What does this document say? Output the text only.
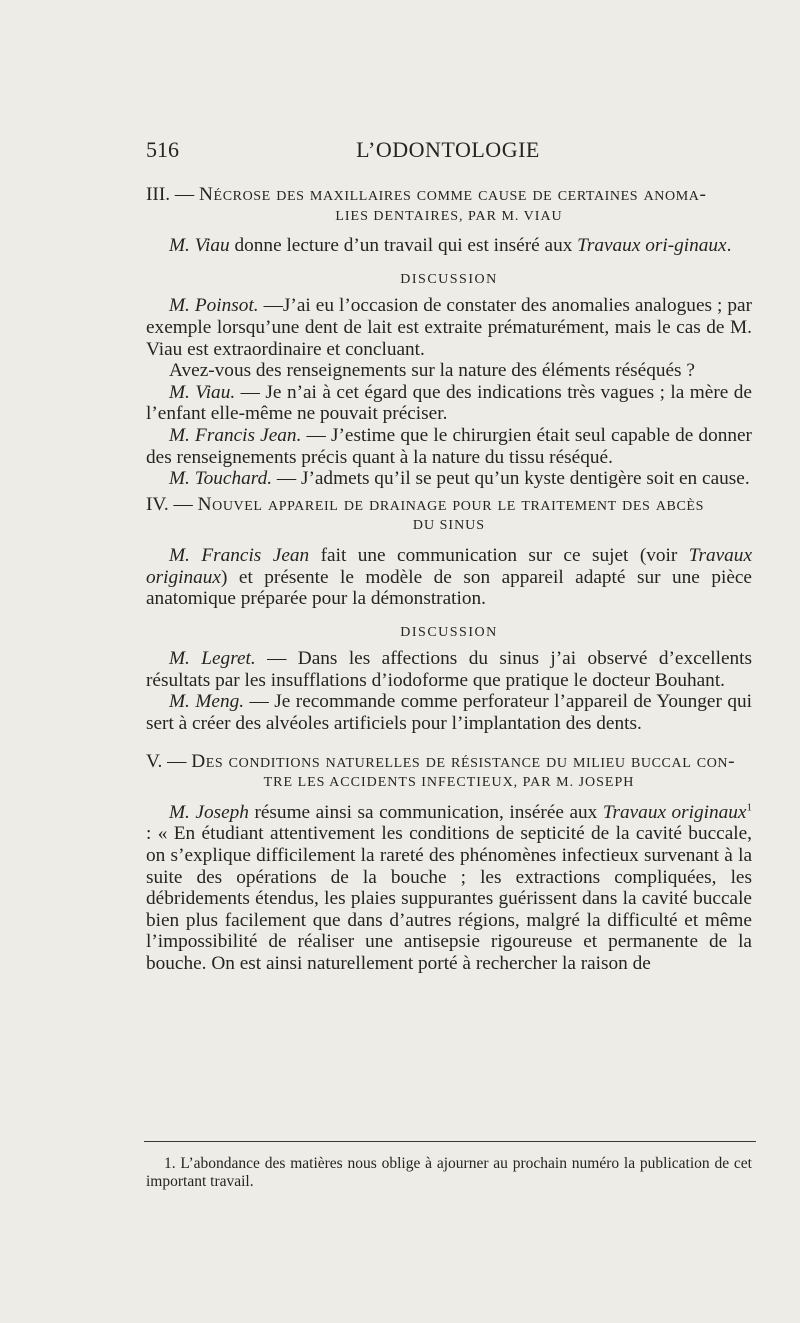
516	L’ODONTOLOGIE

III. — Nécrose des maxillaires comme cause de certaines anoma-

LIES DENTAIRES, PAR M. VIAU

M. Viau donne lecture d’un travail qui est inséré aux Travaux ori-ginaux.

DISCUSSION

M. Poinsot. —J’ai eu l’occasion de constater des anomalies analogues ; par exemple lorsqu’une dent de lait est extraite prématurément, mais le cas de M. Viau est extraordinaire et concluant.

Avez-vous des renseignements sur la nature des éléments réséqués ?

M. Viau. — Je n’ai à cet égard que des indications très vagues ; la mère de l’enfant elle-même ne pouvait préciser.

M. Francis Jean. — J’estime que le chirurgien était seul capable de donner des renseignements précis quant à la nature du tissu réséqué.

M. Touchard. — J’admets qu’il se peut qu’un kyste dentigère soit en cause.

IV. — Nouvel appareil de drainage pour le traitement des abcès

DU SINUS

M. Francis Jean fait une communication sur ce sujet (voir Travaux originaux) et présente le modèle de son appareil adapté sur une pièce anatomique préparée pour la démonstration.

DISCUSSION

M. Legret. — Dans les affections du sinus j’ai observé d’excellents résultats par les insufflations d’iodoforme que pratique le docteur Bouhant.

M. Meng. — Je recommande comme perforateur l’appareil de Younger qui sert à créer des alvéoles artificiels pour l’implantation des dents.

V. — Des conditions naturelles de résistance du milieu buccal con-

TRE LES ACCIDENTS INFECTIEUX, PAR M. JOSEPH

M. Joseph résume ainsi sa communication, insérée aux Travaux originaux$^1$ : « En étudiant attentivement les conditions de septicité de la cavité buccale, on s’explique difficilement la rareté des phénomènes infectieux survenant à la suite des opérations de la bouche ; les extractions compliquées, les débridements étendus, les plaies suppurantes guérissent dans la cavité buccale bien plus facilement que dans d’autres régions, malgré la difficulté et même l’impossibilité de réaliser une antisepsie rigoureuse et permanente de la bouche. On est ainsi naturellement porté à rechercher la raison de

1. L’abondance des matières nous oblige à ajourner au prochain numéro la publication de cet important travail.
